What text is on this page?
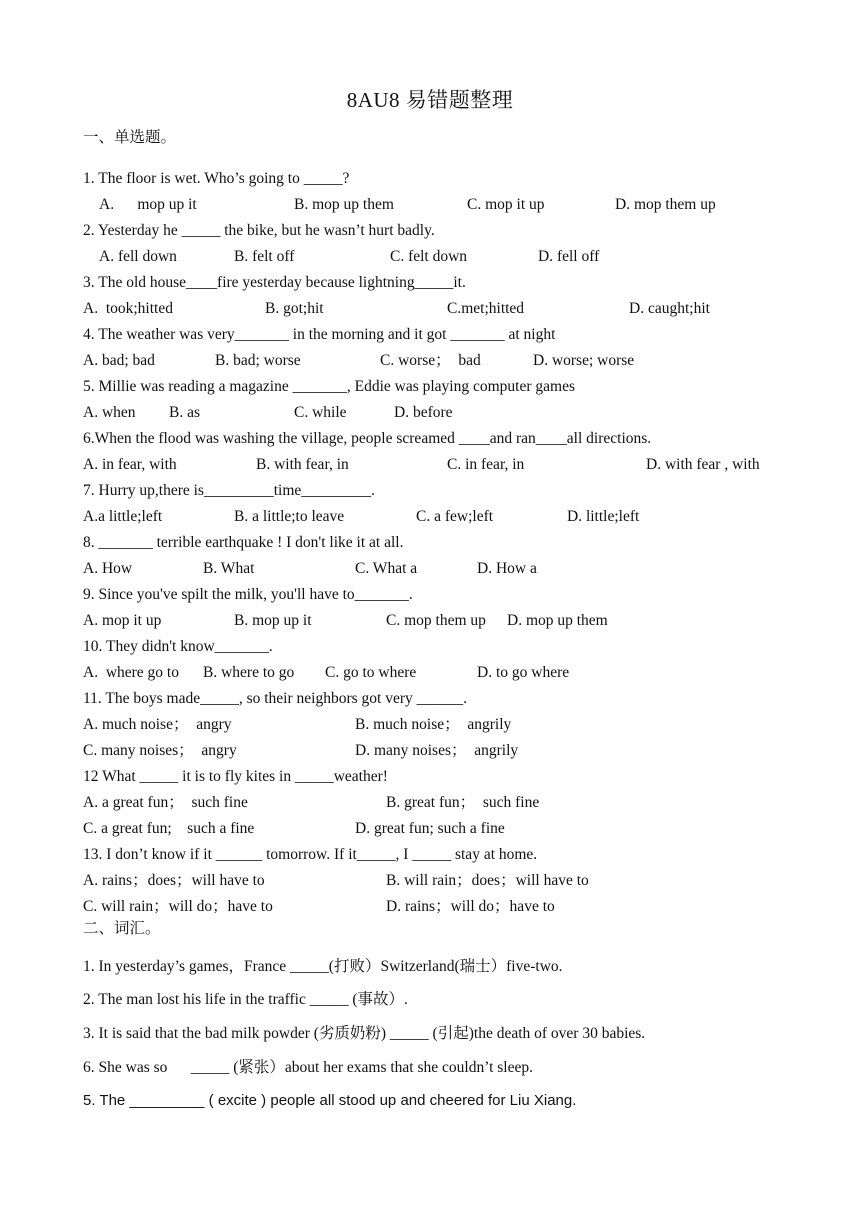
8AU8 易错题整理
一、单选题。
1. The floor is wet. Who’s going to _____?
A.      mop up it	B. mop up them	C. mop it up	D. mop them up
2. Yesterday he _____ the bike, but he wasn’t hurt badly.
A. fell down	B. felt off	C. felt down	D. fell off
3. The old house____fire yesterday because lightning_____it.
A.  took;hitted	B. got;hit	C.met;hitted	D. caught;hit
4. The weather was very_______ in the morning and it got _______ at night
A. bad; bad	B. bad; worse	C. worse；  bad	D. worse; worse
5. Millie was reading a magazine _______, Eddie was playing computer games
A. when B. as	C. while	D. before
6.When the flood was washing the village, people screamed ____and ran____all directions.
A. in fear, with	B. with fear, in	C. in fear, in	D. with fear , with
7. Hurry up,there is_________time_________.
A.a little;left	B. a little;to leave	C. a few;left	D. little;left
8. _______ terrible earthquake ! I don't like it at all.
A. How	B. What	C. What a	D. How a
9. Since you've spilt the milk, you'll have to_______.
A. mop it up	B. mop up it	C. mop them up D. mop up them
10. They didn't know_______.
A.  where go to B. where to go C. go to where	D. to go where
11. The boys made_____, so their neighbors got very ______.
A. much noise；  angry	B. much noise；  angrily
C. many noises；  angry	D. many noises；  angrily
12 What _____ it is to fly kites in _____weather!
A. a great fun；  such fine	B. great fun；  such fine
C. a great fun;    such a fine	D. great fun; such a fine
13. I don’t know if it ______ tomorrow. If it_____, I _____ stay at home.
A. rains；does；will have to	B. will rain；does；will have to
C. will rain；will do；have to	D. rains；will do；have to
二、词汇。
1. In yesterday’s games，France _____(打败）Switzerland(瑞士）five-two.
2. The man lost his life in the traffic _____ (事故）.
3. It is said that the bad milk powder (劣质奶粉) _____ (引起)the death of over 30 babies.
6. She was so      _____ (紧张）about her exams that she couldn’t sleep.
5. The _________ ( excite ) people all stood up and cheered for Liu Xiang.
